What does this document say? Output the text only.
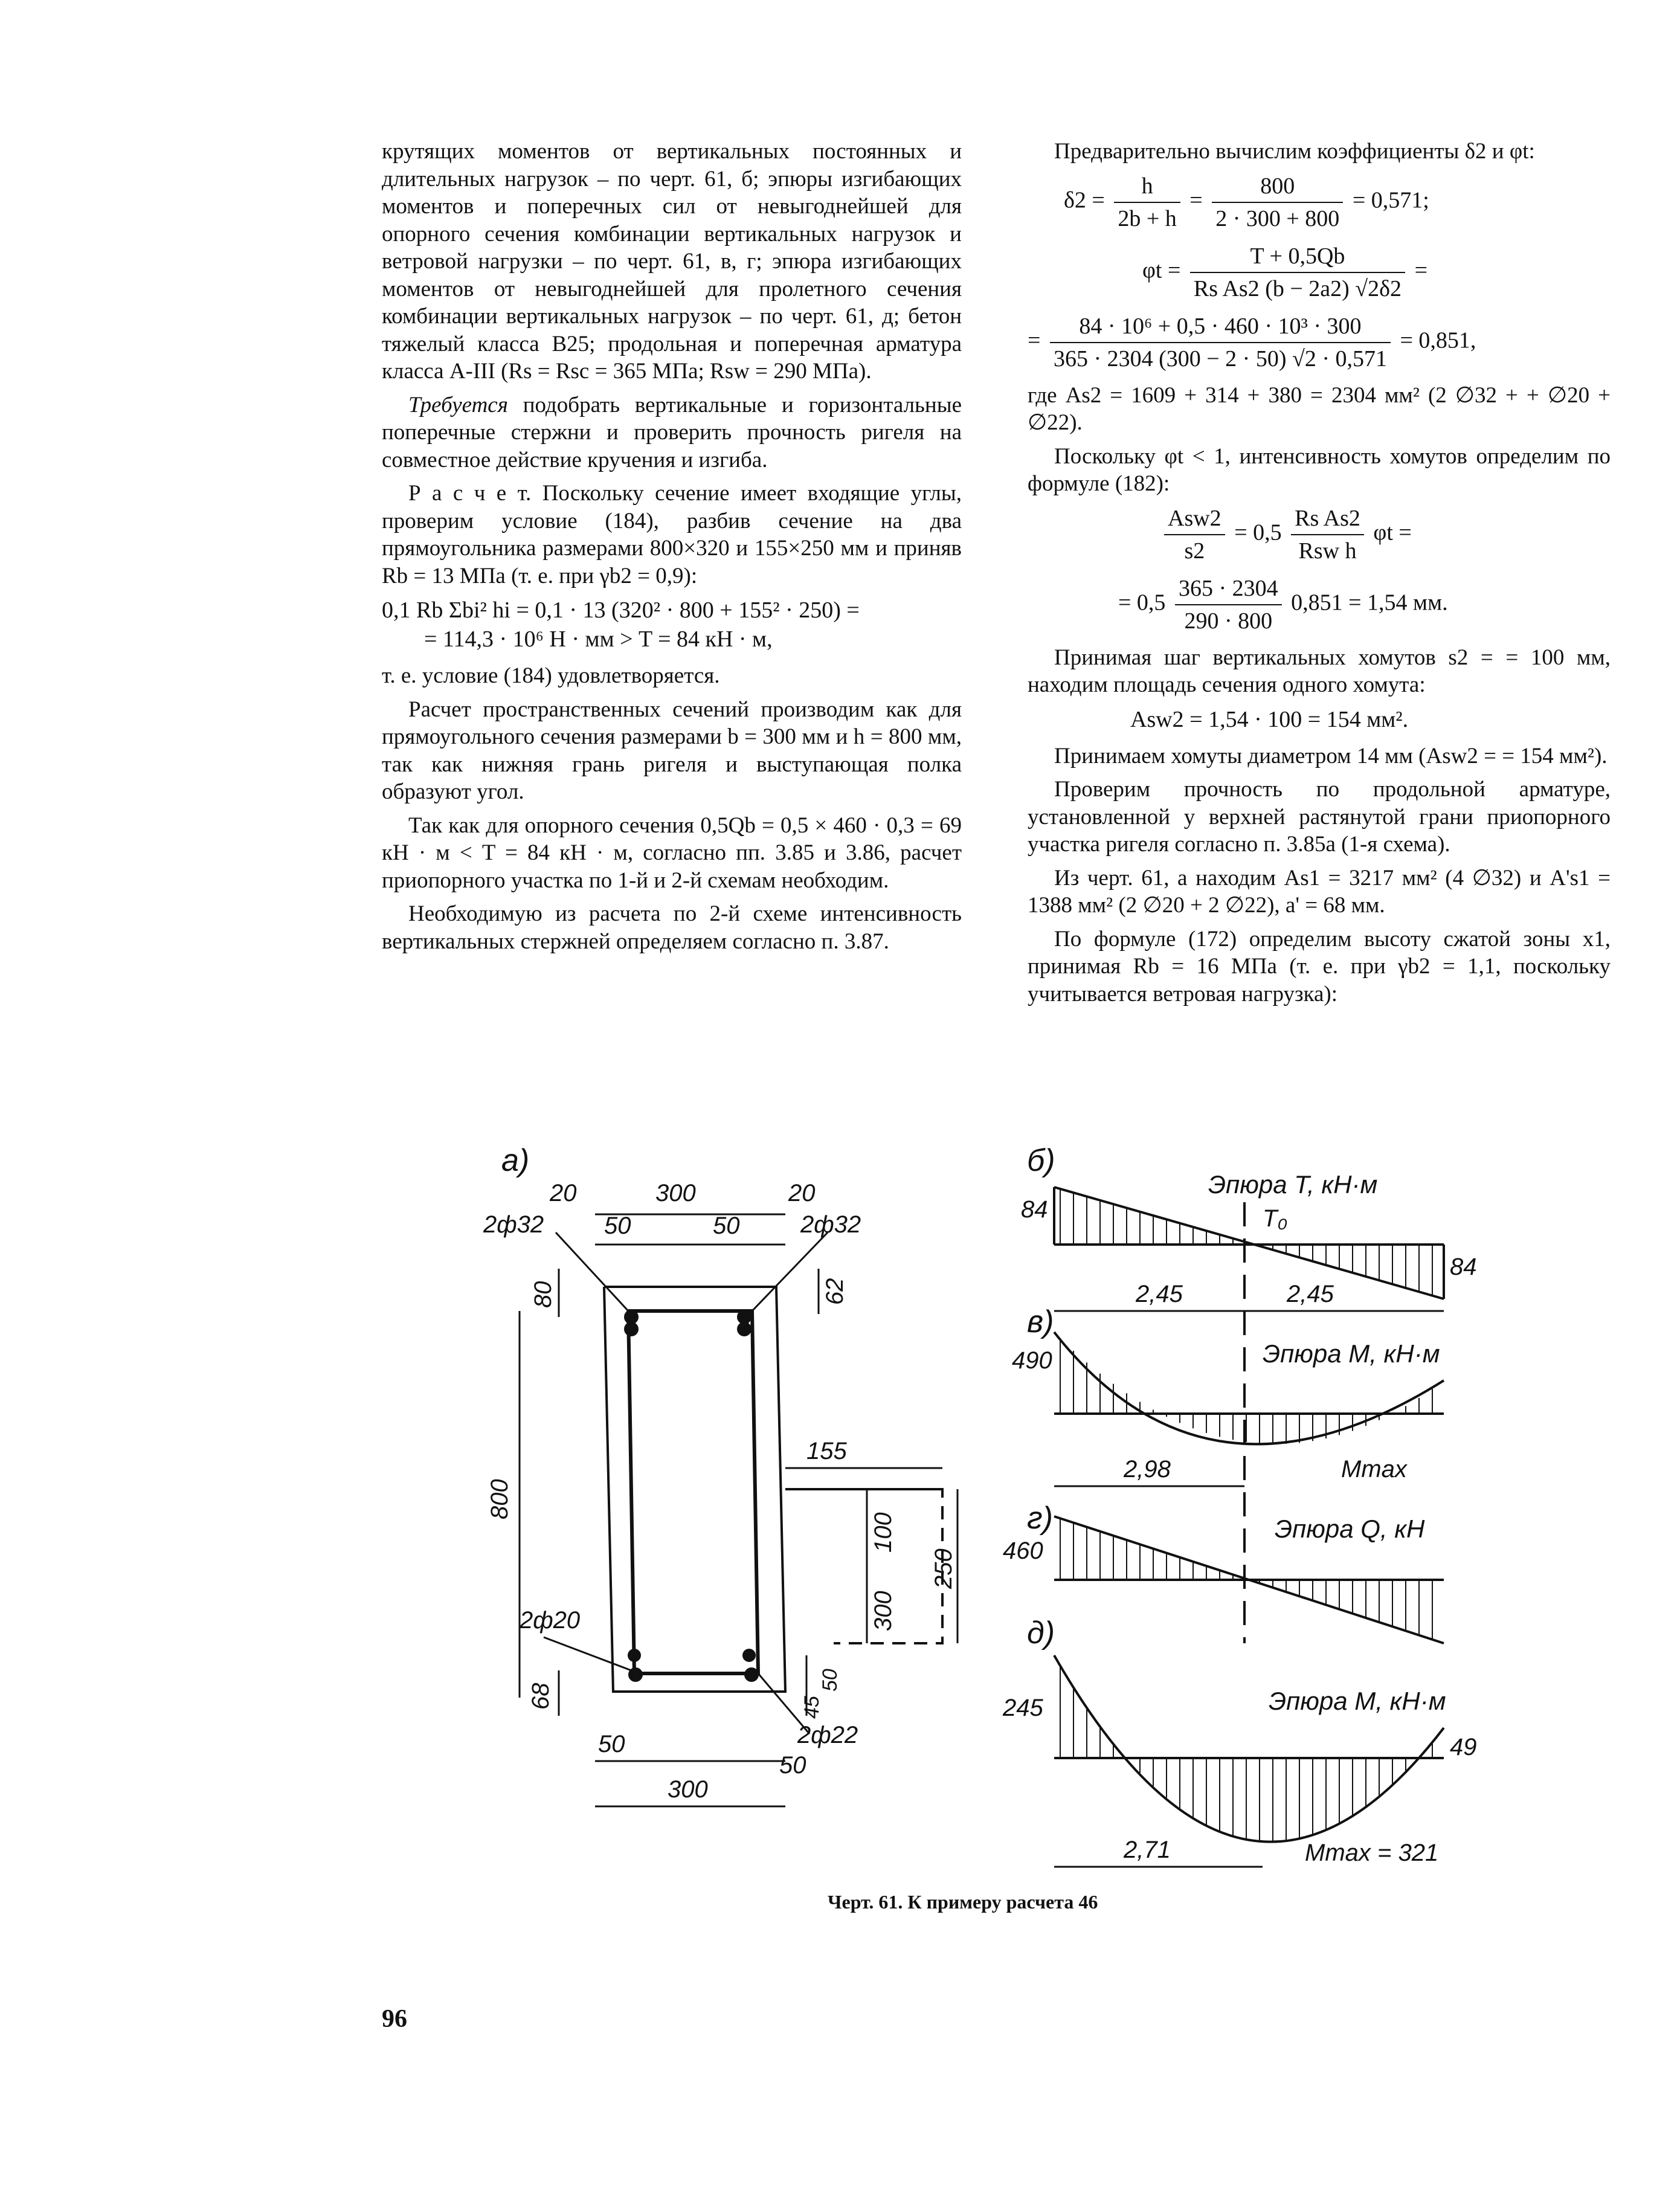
крутящих моментов от вертикальных постоянных и длительных нагрузок – по черт. 61, б; эпюры изгибающих моментов и поперечных сил от невыгоднейшей для опорного сечения комбинации вертикальных нагрузок и ветровой нагрузки – по черт. 61, в, г; эпюра изгибающих моментов от невыгоднейшей для пролетного сечения комбинации вертикальных нагрузок – по черт. 61, д; бетон тяжелый класса В25; продольная и поперечная арматура класса А-III (Rs = Rsc = 365 МПа; Rsw = 290 МПа).

Требуется подобрать вертикальные и горизонтальные поперечные стержни и проверить прочность ригеля на совместное действие кручения и изгиба.

Р а с ч е т. Поскольку сечение имеет входящие углы, проверим условие (184), разбив сечение на два прямоугольника размерами 800×320 и 155×250 мм и приняв Rb = 13 МПа (т. е. при γb2 = 0,9):

0,1 Rb Σbi² hi = 0,1 · 13 (320² · 800 + 155² · 250) =
= 114,3 · 10⁶ Н · мм > T = 84 кН · м,

т. е. условие (184) удовлетворяется.

Расчет пространственных сечений производим как для прямоугольного сечения размерами b = 300 мм и h = 800 мм, так как нижняя грань ригеля и выступающая полка образуют угол.

Так как для опорного сечения 0,5Qb = 0,5 × 460 · 0,3 = 69 кН · м < T = 84 кН · м, согласно пп. 3.85 и 3.86, расчет приопорного участка по 1-й и 2-й схемам необходим.

Необходимую из расчета по 2-й схеме интенсивность вертикальных стержней определяем согласно п. 3.87.

Предварительно вычислим коэффициенты δ2 и φt:

$\delta 2 = \frac{h}{2b + h} = \frac{800}{2 \cdot 300 + 800} = 0,571$;
$\varphi t = \frac{T + 0,5Qb}{\text{Rs As2 (b − 2a2) √2δ2}}$ =
= $\frac{\text{84 · 10⁶ + 0,5 · 460 · 10³ · 300}}{365 \cdot 2304 (300 - 2 \cdot 50) √2 \cdot 0,571} = 0,851$,

где As2 = 1609 + 314 + 380 = 2304 мм² (2 ∅32 + + ∅20 + ∅22).

Поскольку φt < 1, интенсивность хомутов определим по формуле (182):

$\frac{\text{Asw2}}{s2} = 0,5 \frac{\text{Rs As2}}{\text{Rsw h}}$ φt =
= $0,5 \frac{365 \cdot 2304}{290 \cdot 800} 0,851 = 1,54$ мм.

Принимая шаг вертикальных хомутов s2 = = 100 мм, находим площадь сечения одного хомута:

Asw2 = 1,54 · 100 = 154 мм².

Принимаем хомуты диаметром 14 мм (Asw2 = = 154 мм²).

Проверим прочность по продольной арматуре, установленной у верхней растянутой грани приопорного участка ригеля согласно п. 3.85а (1-я схема).

Из черт. 61, а находим As1 = 3217 мм² (4 ∅32) и A's1 = 1388 мм² (2 ∅20 + 2 ∅22), a' = 68 мм.

По формуле (172) определим высоту сжатой зоны x1, принимая Rb = 16 МПа (т. е. при γb2 = 1,1, поскольку учитывается ветровая нагрузка):

а)
20	300	20
2ф32 50	50	2ф32
80	62
800
155
100
250
300
2ф20
68	45
50
2ф22
50
50
300
б)
Эпюра T, кН·м
84
84
T₀
2,45	2,45
в)
Эпюра M, кН·м
490
2,98	Mmax
г)	Эпюра Q, кН
460
д)
Эпюра M, кН·м
245
49
2,71	Mmax = 321
Черт. 61. К примеру расчета 46
96
